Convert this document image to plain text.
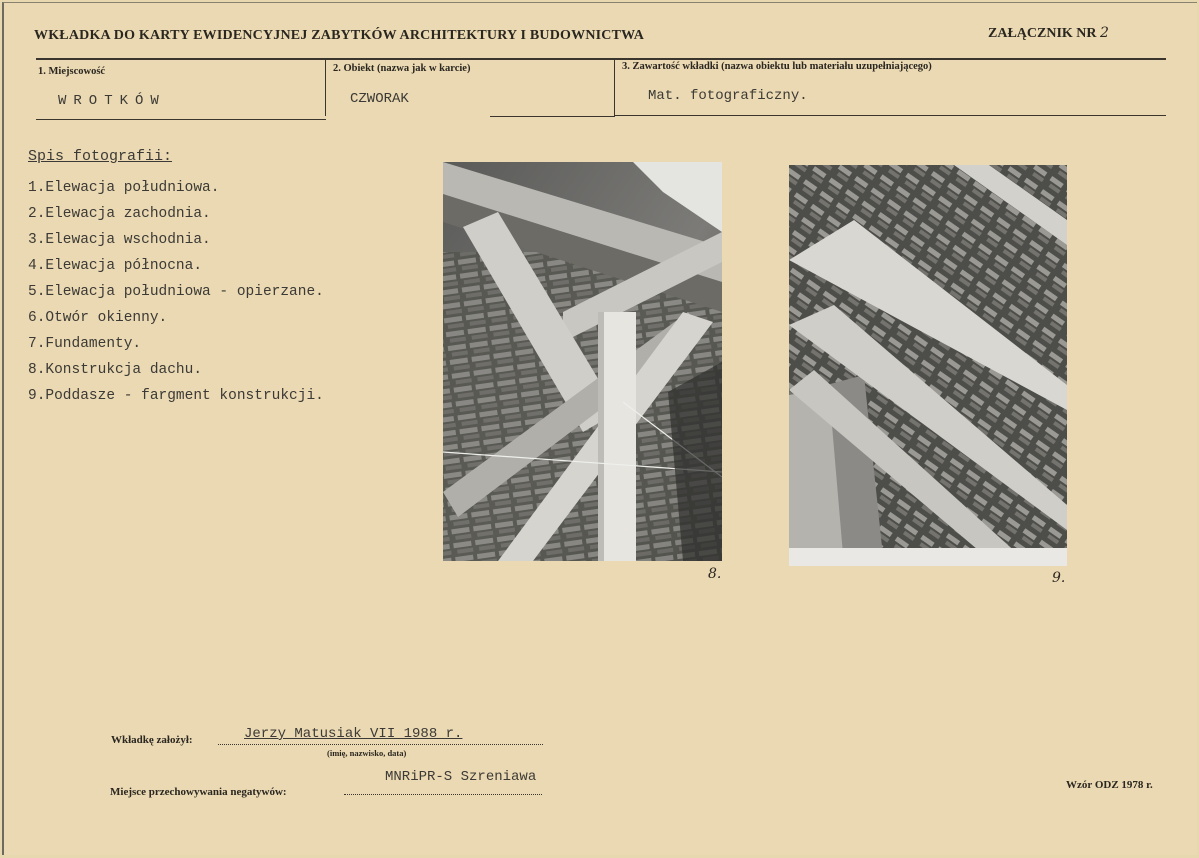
WKŁADKA DO KARTY EWIDENCYJNEJ ZABYTKÓW ARCHITEKTURY I BUDOWNICTWA	ZAŁĄCZNIK NR 2
1. Miejscowość
WROTKÓW
2. Obiekt (nazwa jak w karcie)
CZWORAK
3. Zawartość wkładki (nazwa obiektu lub materiału uzupełniającego)
Mat. fotograficzny.
Spis fotografii:
1.Elewacja południowa.
2.Elewacja zachodnia.
3.Elewacja wschodnia.
4.Elewacja północna.
5.Elewacja południowa - opierzane.
6.Otwór okienny.
7.Fundamenty.
8.Konstrukcja dachu.
9.Poddasze - fargment konstrukcji.
8.	9.
Wkładkę założył:	Jerzy Matusiak VII 1988 r.
(imię, nazwisko, data)
Miejsce przechowywania negatywów:
MNRiPR-S Szreniawa	Wzór ODZ 1978 r.
